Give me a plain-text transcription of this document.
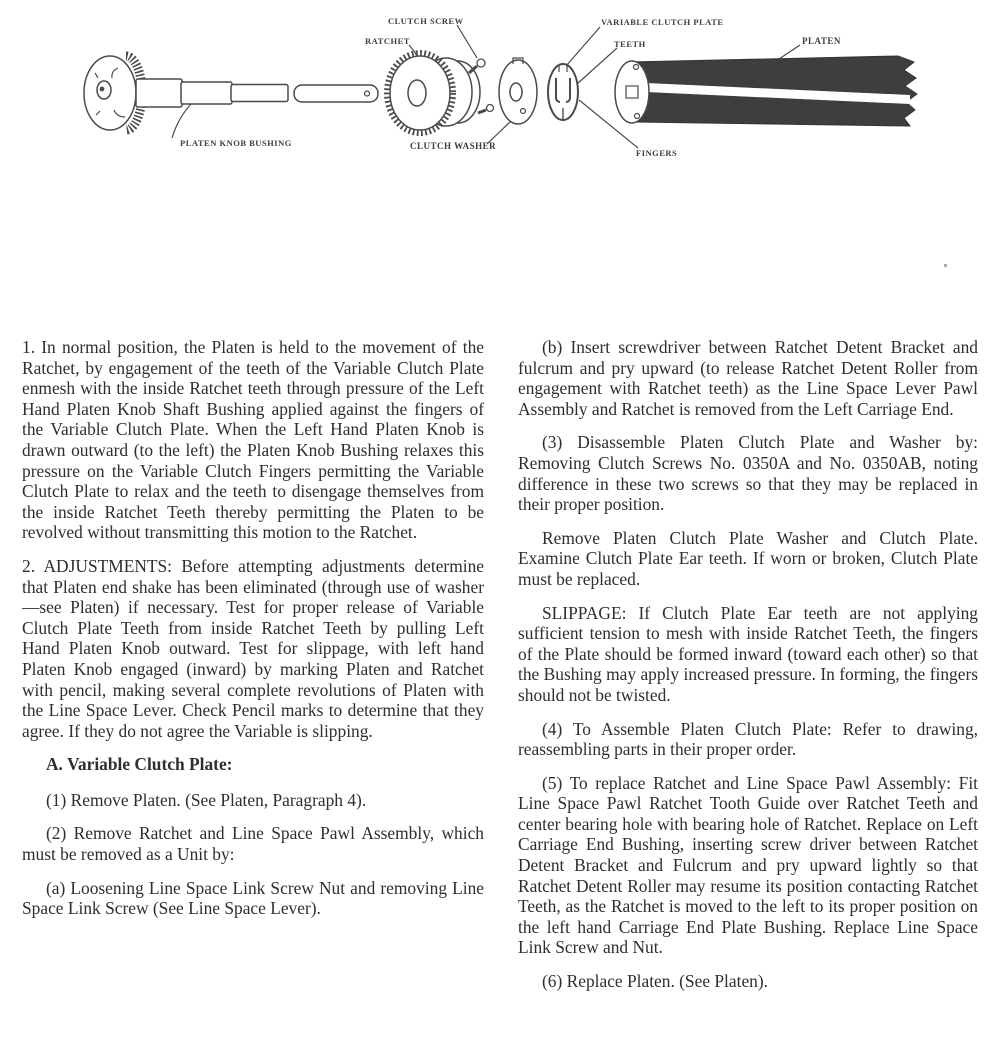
CLUTCH SCREW
RATCHET
VARIABLE CLUTCH PLATE
TEETH	PLATEN
PLATEN KNOB BUSHING	CLUTCH WASHER
FINGERS

1. In normal position, the Platen is held to the movement of the Ratchet, by engagement of the teeth of the Variable Clutch Plate enmesh with the inside Ratchet teeth through pressure of the Left Hand Platen Knob Shaft Bushing applied against the fingers of the Variable Clutch Plate. When the Left Hand Platen Knob is drawn outward (to the left) the Platen Knob Bushing relaxes this pressure on the Variable Clutch Fingers permitting the Variable Clutch Plate to relax and the teeth to disengage themselves from the inside Ratchet Teeth thereby permitting the Platen to be revolved without transmitting this motion to the Ratchet.

2. ADJUSTMENTS: Before attempting adjustments determine that Platen end shake has been eliminated (through use of washer—see Platen) if necessary. Test for proper release of Variable Clutch Plate Teeth from inside Ratchet Teeth by pulling Left Hand Platen Knob outward. Test for slippage, with left hand Platen Knob engaged (inward) by marking Platen and Ratchet with pencil, making several complete revolutions of Platen with the Line Space Lever. Check Pencil marks to determine that they agree. If they do not agree the Variable is slipping.

A. Variable Clutch Plate:

(1) Remove Platen. (See Platen, Paragraph 4).

(2) Remove Ratchet and Line Space Pawl Assembly, which must be removed as a Unit by:

(a) Loosening Line Space Link Screw Nut and removing Line Space Link Screw (See Line Space Lever).

(b) Insert screwdriver between Ratchet Detent Bracket and fulcrum and pry upward (to release Ratchet Detent Roller from engagement with Ratchet teeth) as the Line Space Lever Pawl Assembly and Ratchet is removed from the Left Carriage End.

(3) Disassemble Platen Clutch Plate and Washer by: Removing Clutch Screws No. 0350A and No. 0350AB, noting difference in these two screws so that they may be replaced in their proper position.

Remove Platen Clutch Plate Washer and Clutch Plate. Examine Clutch Plate Ear teeth. If worn or broken, Clutch Plate must be replaced.

SLIPPAGE: If Clutch Plate Ear teeth are not applying sufficient tension to mesh with inside Ratchet Teeth, the fingers of the Plate should be formed inward (toward each other) so that the Bushing may apply increased pressure. In forming, the fingers should not be twisted.

(4) To Assemble Platen Clutch Plate: Refer to drawing, reassembling parts in their proper order.

(5) To replace Ratchet and Line Space Pawl Assembly: Fit Line Space Pawl Ratchet Tooth Guide over Ratchet Teeth and center bearing hole with bearing hole of Ratchet. Replace on Left Carriage End Bushing, inserting screw driver between Ratchet Detent Bracket and Fulcrum and pry upward lightly so that Ratchet Detent Roller may resume its position contacting Ratchet Teeth, as the Ratchet is moved to the left to its proper position on the left hand Carriage End Plate Bushing. Replace Line Space Link Screw and Nut.

(6) Replace Platen. (See Platen).
